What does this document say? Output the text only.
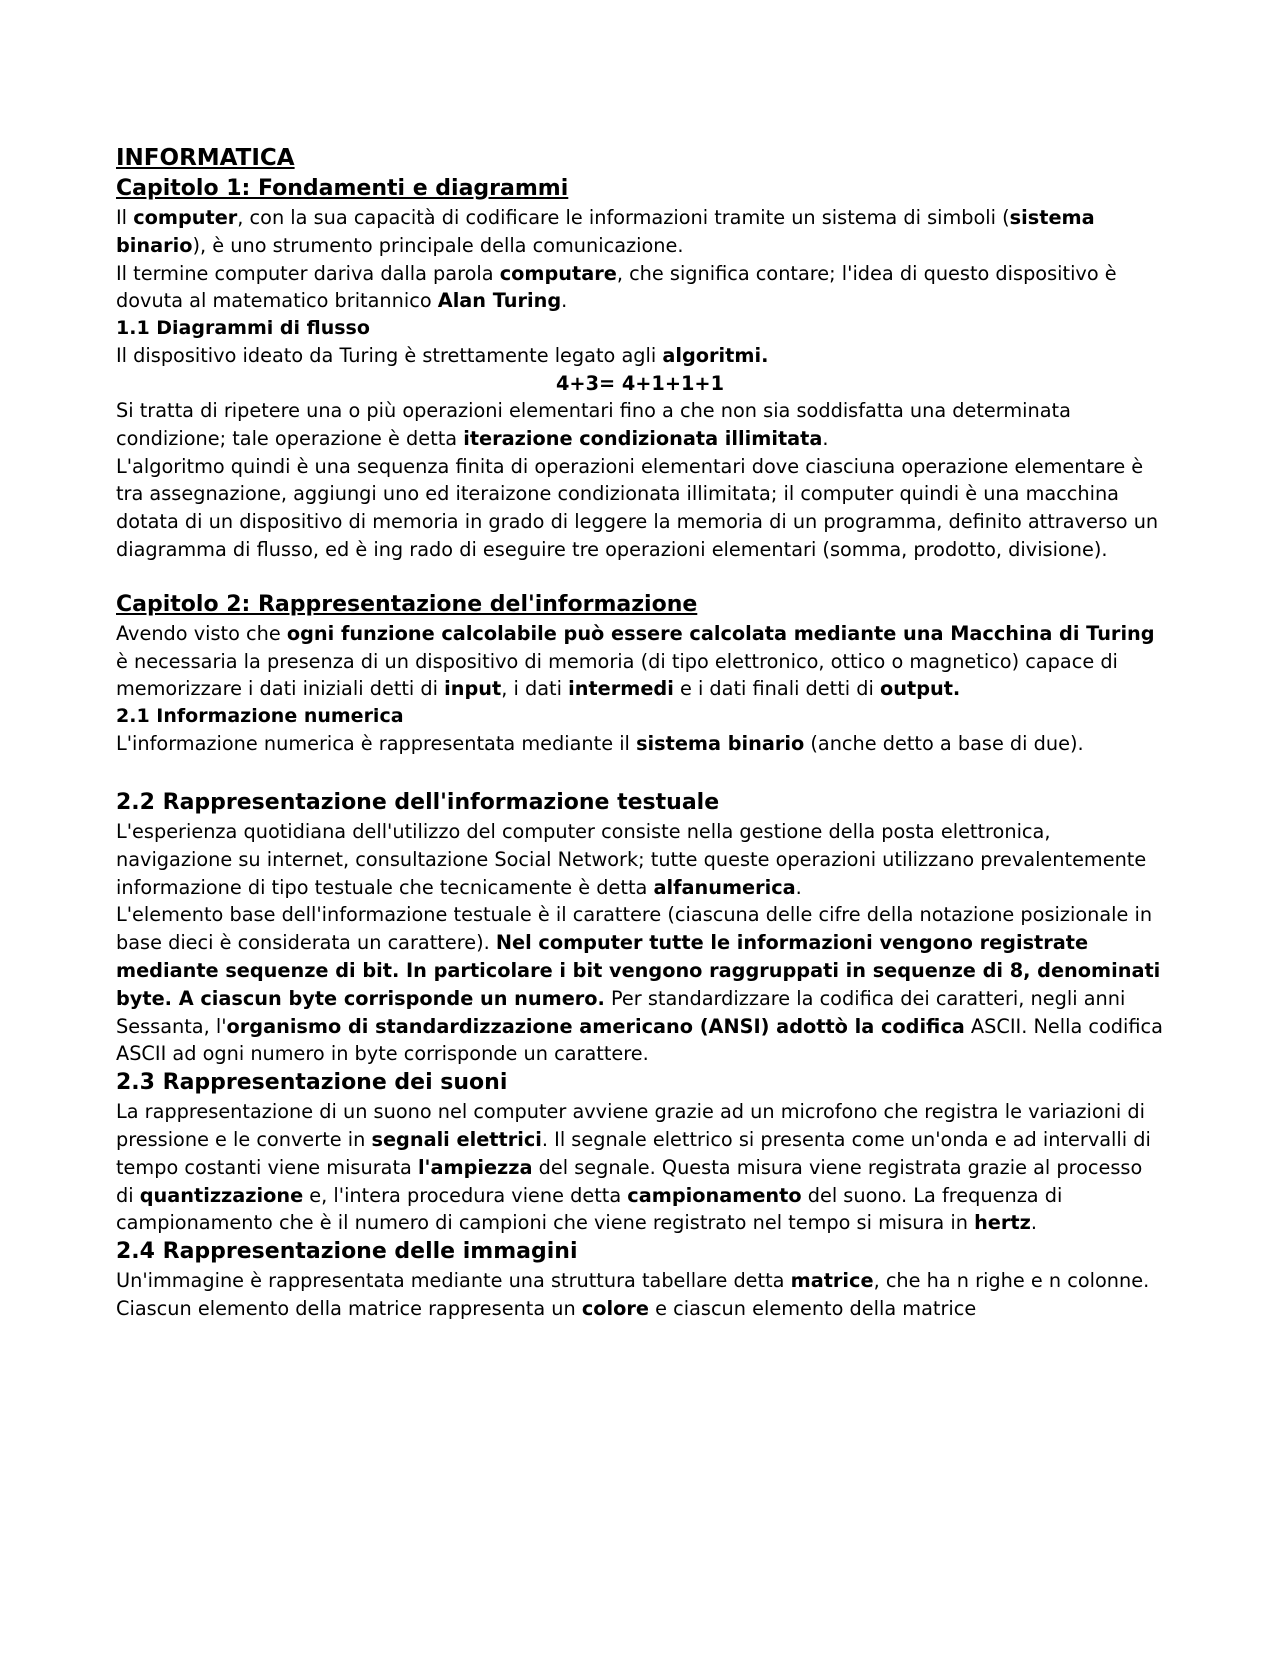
INFORMATICA
Capitolo 1: Fondamenti e diagrammi

Il computer, con la sua capacità di codificare le informazioni tramite un sistema di simboli (sistema binario), è uno strumento principale della comunicazione.

Il termine computer dariva dalla parola computare, che significa contare; l'idea di questo dispositivo è dovuta al matematico britannico Alan Turing.

1.1 Diagrammi di flusso

Il dispositivo ideato da Turing è strettamente legato agli algoritmi.

4+3= 4+1+1+1

Si tratta di ripetere una o più operazioni elementari fino a che non sia soddisfatta una determinata condizione; tale operazione è detta iterazione condizionata illimitata.

L'algoritmo quindi è una sequenza finita di operazioni elementari dove ciasciuna operazione elementare è tra assegnazione, aggiungi uno ed iteraizone condizionata illimitata; il computer quindi è una macchina dotata di un dispositivo di memoria in grado di leggere la memoria di un programma, definito attraverso un diagramma di flusso, ed è ing rado di eseguire tre operazioni elementari (somma, prodotto, divisione).

Capitolo 2: Rappresentazione del'informazione

Avendo visto che ogni funzione calcolabile può essere calcolata mediante una Macchina di Turing è necessaria la presenza di un dispositivo di memoria (di tipo elettronico, ottico o magnetico) capace di memorizzare i dati iniziali detti di input, i dati intermedi e i dati finali detti di output.

2.1 Informazione numerica

L'informazione numerica è rappresentata mediante il sistema binario (anche detto a base di due).

2.2 Rappresentazione dell'informazione testuale

L'esperienza quotidiana dell'utilizzo del computer consiste nella gestione della posta elettronica, navigazione su internet, consultazione Social Network; tutte queste operazioni utilizzano prevalentemente informazione di tipo testuale che tecnicamente è detta alfanumerica.

L'elemento base dell'informazione testuale è il carattere (ciascuna delle cifre della notazione posizionale in base dieci è considerata un carattere). Nel computer tutte le informazioni vengono registrate mediante sequenze di bit. In particolare i bit vengono raggruppati in sequenze di 8, denominati byte. A ciascun byte corrisponde un numero. Per standardizzare la codifica dei caratteri, negli anni Sessanta, l'organismo di standardizzazione americano (ANSI) adottò la codifica ASCII. Nella codifica ASCII ad ogni numero in byte corrisponde un carattere.

2.3 Rappresentazione dei suoni

La rappresentazione di un suono nel computer avviene grazie ad un microfono che registra le variazioni di pressione e le converte in segnali elettrici. Il segnale elettrico si presenta come un'onda e ad intervalli di tempo costanti viene misurata l'ampiezza del segnale. Questa misura viene registrata grazie al processo di quantizzazione e, l'intera procedura viene detta campionamento del suono. La frequenza di campionamento che è il numero di campioni che viene registrato nel tempo si misura in hertz.

2.4 Rappresentazione delle immagini

Un'immagine è rappresentata mediante una struttura tabellare detta matrice, che ha n righe e n colonne. Ciascun elemento della matrice rappresenta un colore e ciascun elemento della matrice
